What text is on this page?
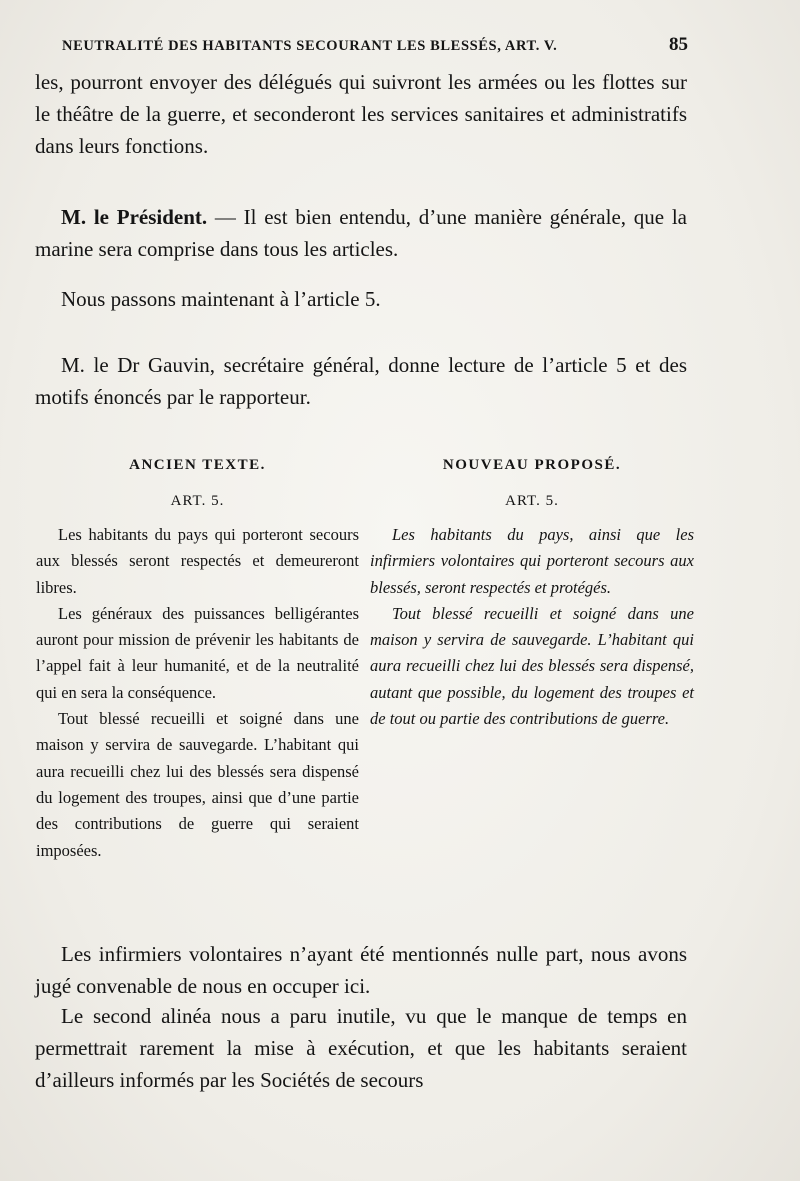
NEUTRALITÉ DES HABITANTS SECOURANT LES BLESSÉS, ART. V.	85
les, pourront envoyer des délégués qui suivront les armées ou les flottes sur le théâtre de la guerre, et seconderont les services sanitaires et administratifs dans leurs fonctions.
M. le Président. — Il est bien entendu, d’une manière générale, que la marine sera comprise dans tous les articles.
Nous passons maintenant à l’article 5.
M. le Dr Gauvin, secrétaire général, donne lecture de l’article 5 et des motifs énoncés par le rapporteur.
ANCIEN TEXTE.
ART. 5.

Les habitants du pays qui porteront secours aux blessés seront respectés et demeureront libres.

Les généraux des puissances belligérantes auront pour mission de prévenir les habitants de l’appel fait à leur humanité, et de la neutralité qui en sera la conséquence.

Tout blessé recueilli et soigné dans une maison y servira de sauvegarde. L’habitant qui aura recueilli chez lui des blessés sera dispensé du logement des troupes, ainsi que d’une partie des contributions de guerre qui seraient imposées.

NOUVEAU PROPOSÉ.
ART. 5.

Les habitants du pays, ainsi que les infirmiers volontaires qui porteront secours aux blessés, seront respectés et protégés.

Tout blessé recueilli et soigné dans une maison y servira de sauvegarde. L’habitant qui aura recueilli chez lui des blessés sera dispensé, autant que possible, du logement des troupes et de tout ou partie des contributions de guerre.

Les infirmiers volontaires n’ayant été mentionnés nulle part, nous avons jugé convenable de nous en occuper ici.
Le second alinéa nous a paru inutile, vu que le manque de temps en permettrait rarement la mise à exécution, et que les habitants seraient d’ailleurs informés par les Sociétés de secours
